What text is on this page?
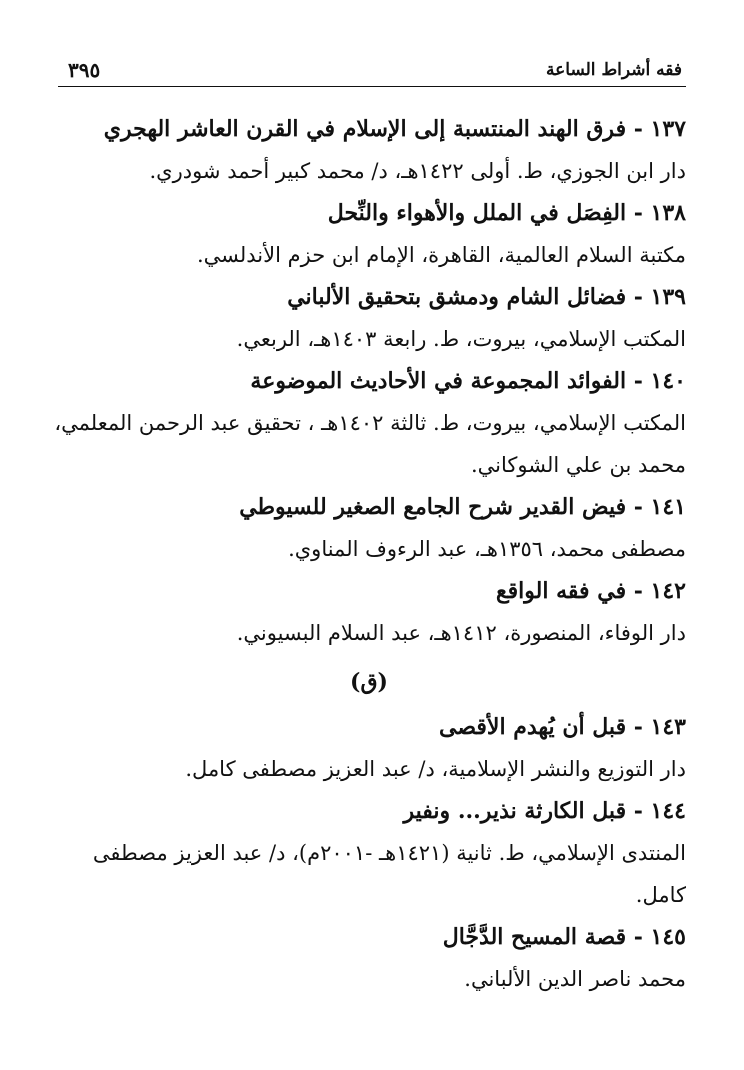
فقه أشراط الساعة
٣٩٥
١٣٧ - فرق الهند المنتسبة إلى الإسلام في القرن العاشر الهجري
دار ابن الجوزي، ط. أولى ١٤٢٢هـ، د/ محمد كبير أحمد شودري.
١٣٨ - الفِصَل في الملل والأهواء والنِّحل
مكتبة السلام العالمية، القاهرة، الإمام ابن حزم الأندلسي.
١٣٩ - فضائل الشام ودمشق بتحقيق الألباني
المكتب الإسلامي، بيروت، ط. رابعة ١٤٠٣هـ، الربعي.
١٤٠ - الفوائد المجموعة في الأحاديث الموضوعة
المكتب الإسلامي، بيروت، ط. ثالثة ١٤٠٢هـ ، تحقيق عبد الرحمن المعلمي،
محمد بن علي الشوكاني.
١٤١ - فيض القدير شرح الجامع الصغير للسيوطي
مصطفى محمد، ١٣٥٦هـ، عبد الرءوف المناوي.
١٤٢ - في فقه الواقع
دار الوفاء، المنصورة، ١٤١٢هـ، عبد السلام البسيوني.
(ق)
١٤٣ - قبل أن يُهدم الأقصى
دار التوزيع والنشر الإسلامية، د/ عبد العزيز مصطفى كامل.
١٤٤ - قبل الكارثة نذير... ونفير
المنتدى الإسلامي، ط. ثانية (١٤٢١هـ -٢٠٠١م)، د/ عبد العزيز مصطفى
كامل.
١٤٥ - قصة المسيح الدَّجَّال
محمد ناصر الدين الألباني.
